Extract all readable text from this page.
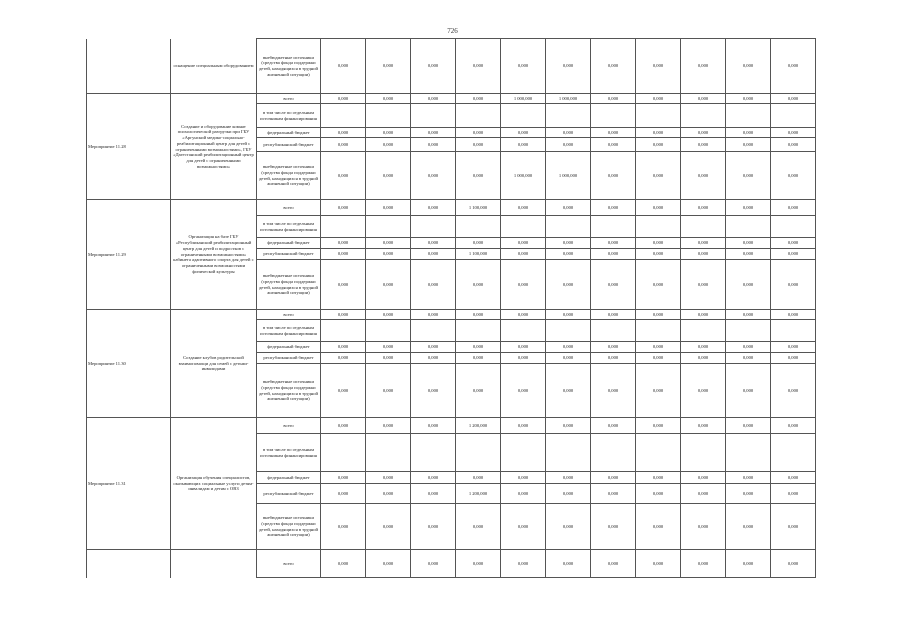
726
	оснащение специальным оборудованием	внебюджетные источники (средства фонда поддержки детей, находящихся в трудной жизненной ситуации)	0,000	0,000	0,000	0,000	0,000	0,000	0,000	0,000	0,000	0,000	0,000
Мероприятие 11.28	Создание и оборудование комнат психологической разгрузки при ГБУ «Аргунский медико-социально-реабилитационный центр для детей с ограниченными возможностями», ГБУ «Дагестанский реабилитационный центр для детей с ограниченными возможностями»	всего	0,000	0,000	0,000	0,000	1 000,000	1 000,000	0,000	0,000	0,000	0,000	0,000
		в том числе по отдельным источникам финансирования											
		федеральный бюджет	0,000	0,000	0,000	0,000	0,000	0,000	0,000	0,000	0,000	0,000	0,000
		республиканский бюджет	0,000	0,000	0,000	0,000	0,000	0,000	0,000	0,000	0,000	0,000	0,000
		внебюджетные источники (средства фонда поддержки детей, находящихся в трудной жизненной ситуации)	0,000	0,000	0,000	0,000	1 000,000	1 000,000	0,000	0,000	0,000	0,000	0,000
Мероприятие 11.29	Организация на базе ГБУ «Республиканский реабилитационный центр для детей и подростков с ограниченными возможностями» кабинета адаптивного спорта для детей с ограниченными возможностями физической культуры	всего	0,000	0,000	0,000	1 100,000	0,000	0,000	0,000	0,000	0,000	0,000	0,000
		в том числе по отдельным источникам финансирования											
		федеральный бюджет	0,000	0,000	0,000	0,000	0,000	0,000	0,000	0,000	0,000	0,000	0,000
		республиканский бюджет	0,000	0,000	0,000	1 100,000	0,000	0,000	0,000	0,000	0,000	0,000	0,000
		внебюджетные источники (средства фонда поддержки детей, находящихся в трудной жизненной ситуации)	0,000	0,000	0,000	0,000	0,000	0,000	0,000	0,000	0,000	0,000	0,000
Мероприятие 11.30	Создание клубов родительской взаимопомощи для семей с детьми-инвалидами	всего	0,000	0,000	0,000	0,000	0,000	0,000	0,000	0,000	0,000	0,000	0,000
		в том числе по отдельным источникам финансирования											
		федеральный бюджет	0,000	0,000	0,000	0,000	0,000	0,000	0,000	0,000	0,000	0,000	0,000
		республиканский бюджет	0,000	0,000	0,000	0,000	0,000	0,000	0,000	0,000	0,000	0,000	0,000
		внебюджетные источники (средства фонда поддержки детей, находящихся в трудной жизненной ситуации)	0,000	0,000	0,000	0,000	0,000	0,000	0,000	0,000	0,000	0,000	0,000
Мероприятие 11.31	Организация обучения специалистов, оказывающих социальные услуги детям-инвалидам и детям с ОВЗ	всего	0,000	0,000	0,000	1 200,000	0,000	0,000	0,000	0,000	0,000	0,000	0,000
		в том числе по отдельным источникам финансирования											
		федеральный бюджет	0,000	0,000	0,000	0,000	0,000	0,000	0,000	0,000	0,000	0,000	0,000
		республиканский бюджет	0,000	0,000	0,000	1 200,000	0,000	0,000	0,000	0,000	0,000	0,000	0,000
		внебюджетные источники (средства фонда поддержки детей, находящихся в трудной жизненной ситуации)	0,000	0,000	0,000	0,000	0,000	0,000	0,000	0,000	0,000	0,000	0,000
		всего	0,000	0,000	0,000	0,000	0,000	0,000	0,000	0,000	0,000	0,000	0,000
